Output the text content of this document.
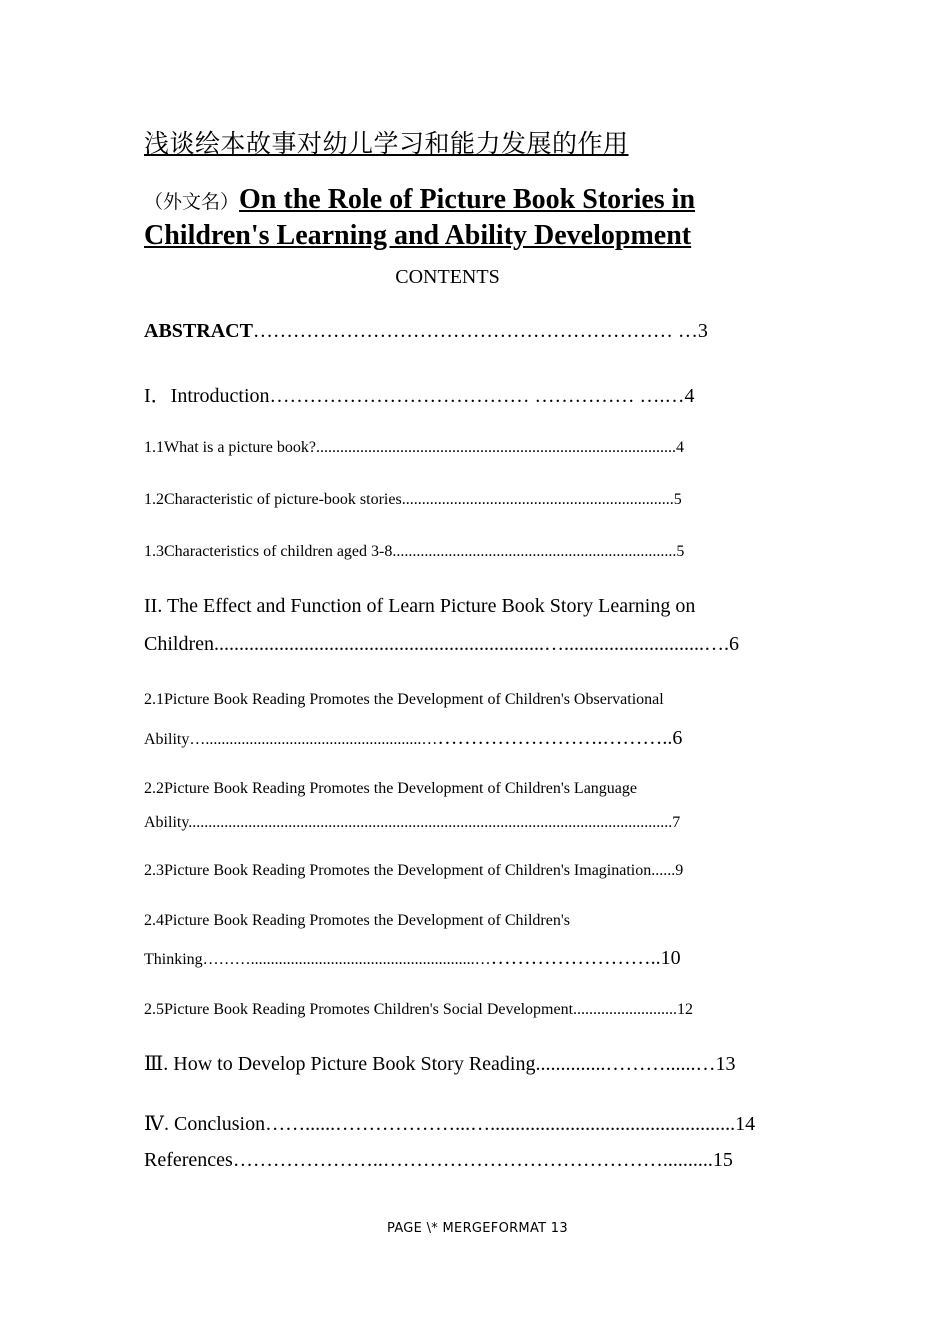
浅谈绘本故事对幼儿学习和能力发展的作用
（外文名）On the Role of Picture Book Stories in
Children's Learning and Ability Development
CONTENTS
ABSTRACT……………………………………………………… …3
I．Introduction………………………………… …………… ….…4
1.1What is a picture book?..........................................................................................4
1.2Characteristic of picture-book stories....................................................................5
1.3Characteristics of children aged 3-8.......................................................................5
II. The Effect and Function of Learn Picture Book Story Learning on
Children..................................................................…............................….6
2.1Picture Book Reading Promotes the Development of Children's Observational
Ability…......................................................……………………….………..6
2.2Picture Book Reading Promotes the Development of Children's Language
Ability.........................................................................................................................7
2.3Picture Book Reading Promotes the Development of Children's Imagination......9
2.4Picture Book Reading Promotes the Development of Children's
Thinking………........................................................………………………..10
2.5Picture Book Reading Promotes Children's Social Development..........................12
Ⅲ. How to Develop Picture Book Story Reading..............………......…13
Ⅳ. Conclusion……......………………...….................................................14
References…………………..……………………………………..........15
PAGE \* MERGEFORMAT 13
